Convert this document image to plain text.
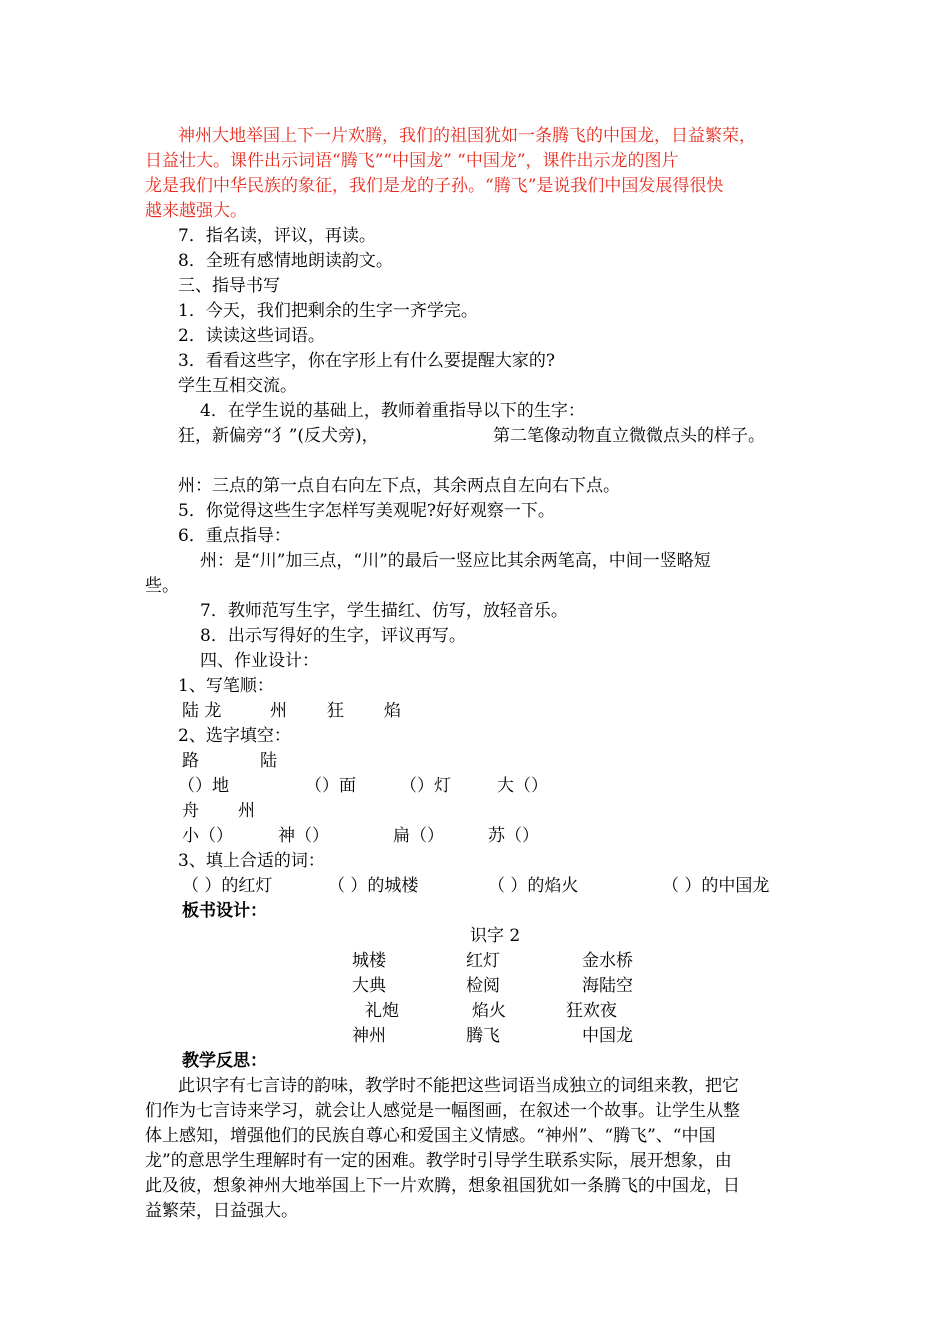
神州大地举国上下一片欢腾，我们的祖国犹如一条腾飞的中国龙，日益繁荣，
日益壮大。课件出示词语“腾飞”“中国龙” “中国龙”，课件出示龙的图片
龙是我们中华民族的象征，我们是龙的子孙。“腾飞”是说我们中国发展得很快
越来越强大。
7．指名读，评议，再读。
8．全班有感情地朗读韵文。
三、指导书写
1．今天，我们把剩余的生字一齐学完。
2．读读这些词语。
3．看看这些字，你在字形上有什么要提醒大家的?
学生互相交流。
4．在学生说的基础上，教师着重指导以下的生字：
狂，新偏旁“犭”(反犬旁)，	第二笔像动物直立微微点头的样子。
州：三点的第一点自右向左下点，其余两点自左向右下点。
5．你觉得这些生字怎样写美观呢?好好观察一下。
6．重点指导：
州：是“川”加三点，“川”的最后一竖应比其余两笔高，中间一竖略短
些。
7．教师范写生字，学生描红、仿写，放轻音乐。
8．出示写得好的生字，评议再写。
四、作业设计：
1、写笔顺：
陆 龙	州 狂 焰
2、选字填空：
路	陆
（）地	（）面	（）灯	大（）
舟 州
小（）	神（）	扁（）	苏（）
3、填上合适的词：
（ ）的红灯	（ ）的城楼	（ ）的焰火	（ ）的中国龙
板书设计：
识字 2
城楼	红灯	金水桥
大典	检阅	海陆空
礼炮	焰火	狂欢夜
神州	腾飞	中国龙
教学反思：
此识字有七言诗的韵味，教学时不能把这些词语当成独立的词组来教，把它
们作为七言诗来学习，就会让人感觉是一幅图画，在叙述一个故事。让学生从整
体上感知，增强他们的民族自尊心和爱国主义情感。“神州”、“腾飞”、“中国
龙”的意思学生理解时有一定的困难。教学时引导学生联系实际，展开想象，由
此及彼，想象神州大地举国上下一片欢腾，想象祖国犹如一条腾飞的中国龙，日
益繁荣，日益强大。
